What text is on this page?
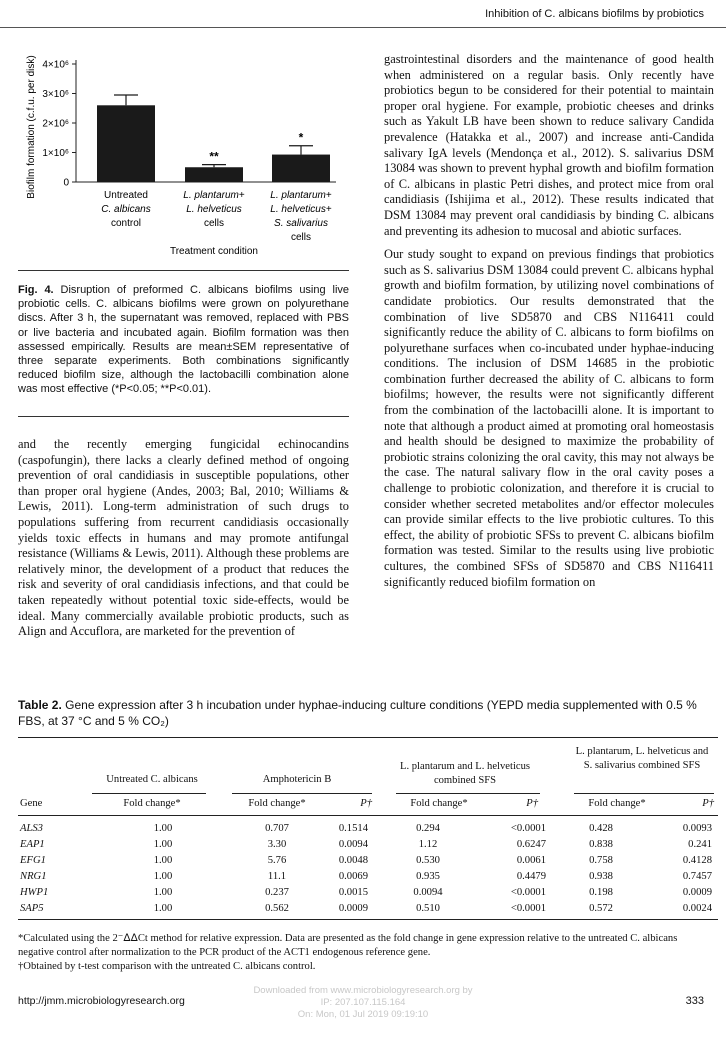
Inhibition of C. albicans biofilms by probiotics
0
1×10⁶
2×10⁶
3×10⁶
4×10⁶
Biofilm formation (c.f.u. per disk)	Untreated
C. albicans
control
**
L. plantarum+
L. helveticus
cells
*
L. plantarum+
L. helveticus+
S. salivarius
cells
Treatment condition
Fig. 4. Disruption of preformed C. albicans biofilms using live probiotic cells. C. albicans biofilms were grown on polyurethane discs. After 3 h, the supernatant was removed, replaced with PBS or live bacteria and incubated again. Biofilm formation was then assessed empirically. Results are mean±SEM representative of three separate experiments. Both combinations significantly reduced biofilm size, although the lactobacilli combination alone was most effective (*P<0.05; **P<0.01).

and the recently emerging fungicidal echinocandins (caspofungin), there lacks a clearly defined method of ongoing prevention of oral candidiasis in susceptible populations, other than proper oral hygiene (Andes, 2003; Bal, 2010; Williams & Lewis, 2011). Long-term administration of such drugs to populations suffering from recurrent candidiasis occasionally yields toxic effects in humans and may promote antifungal resistance (Williams & Lewis, 2011). Although these problems are relatively minor, the development of a product that reduces the risk and severity of oral candidiasis infections, and that could be taken repeatedly without potential toxic side-effects, would be ideal. Many commercially available probiotic products, such as Align and Accuflora, are marketed for the prevention of

gastrointestinal disorders and the maintenance of good health when administered on a regular basis. Only recently have probiotics begun to be considered for their potential to maintain proper oral hygiene. For example, probiotic cheeses and drinks such as Yakult LB have been shown to reduce salivary Candida prevalence (Hatakka et al., 2007) and increase anti-Candida salivary IgA levels (Mendonça et al., 2012). S. salivarius DSM 13084 was shown to prevent hyphal growth and biofilm formation of C. albicans in plastic Petri dishes, and protect mice from oral candidiasis (Ishijima et al., 2012). These results indicated that DSM 13084 may prevent oral candidiasis by binding C. albicans and preventing its adhesion to mucosal and abiotic surfaces.

Our study sought to expand on previous findings that probiotics such as S. salivarius DSM 13084 could prevent C. albicans hyphal growth and biofilm formation, by utilizing novel combinations of candidate probiotics. Our results demonstrated that the combination of live SD5870 and CBS N116411 could significantly reduce the ability of C. albicans to form biofilms on polyurethane surfaces when co-incubated under hyphae-inducing conditions. The inclusion of DSM 14685 in the probiotic combination further decreased the ability of C. albicans to form biofilms; however, the results were not significantly different from the combination of the lactobacilli alone. It is important to note that although a product aimed at promoting oral homeostasis and health should be designed to maximize the probability of probiotic strains colonizing the oral cavity, this may not always be the case. The natural salivary flow in the oral cavity poses a challenge to probiotic colonization, and therefore it is crucial to consider whether secreted metabolites and/or effector molecules can provide similar effects to the live probiotic cultures. To this effect, the ability of probiotic SFSs to prevent C. albicans biofilm formation was tested. Similar to the results using live probiotic cultures, the combined SFSs of SD5870 and CBS N116411 significantly reduced biofilm formation on

Table 2. Gene expression after 3 h incubation under hyphae-inducing culture conditions (YEPD media supplemented with 0.5 % FBS, at 37 °C and 5 % CO₂)
Untreated C. albicans	Amphotericin B
L. plantarum and L. helveticus combined SFS
L. plantarum, L. helveticus and S. salivarius combined SFS
Gene	Fold change*	Fold change*	P†	Fold change*	P†	Fold change*	P†
ALS3	1.00	0.707	0.1514	0.294	<0.0001	0.428	0.0093
EAP1	1.00	3.30	0.0094	1.12	0.6247	0.838	0.241
EFG1	1.00	5.76	0.0048	0.530	0.0061	0.758	0.4128
NRG1	1.00	11.1	0.0069	0.935	0.4479	0.938	0.7457
HWP1	1.00	0.237	0.0015	0.0094	<0.0001	0.198	0.0009
SAP5	1.00	0.562	0.0009	0.510	<0.0001	0.572	0.0024
*Calculated using the 2⁻ᐃᐃCt method for relative expression. Data are presented as the fold change in gene expression relative to the untreated C. albicans negative control after normalization to the PCR product of the ACT1 endogenous reference gene.
†Obtained by t-test comparison with the untreated C. albicans control.
http://jmm.microbiologyresearch.org	333
Downloaded from www.microbiologyresearch.org by
IP: 207.107.115.164
On: Mon, 01 Jul 2019 09:19:10
